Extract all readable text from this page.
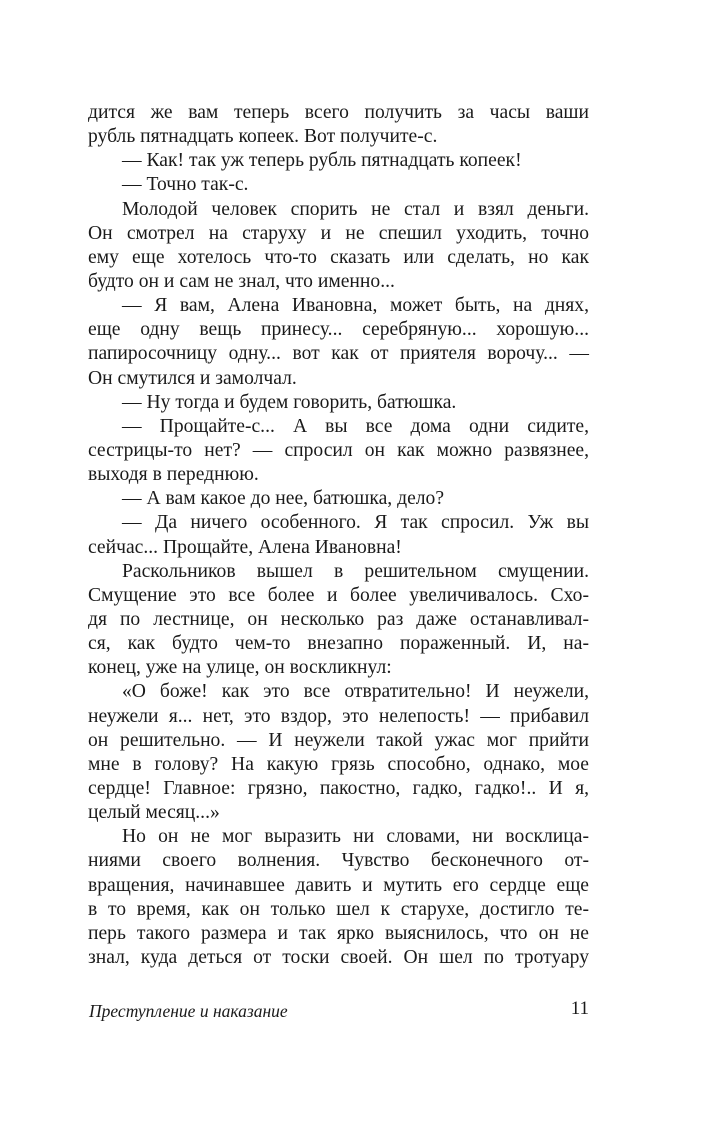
дится же вам теперь всего получить за часы ваши
рубль пятнадцать копеек. Вот получите-с.
— Как! так уж теперь рубль пятнадцать копеек!
— Точно так-с.
Молодой человек спорить не стал и взял деньги.
Он смотрел на старуху и не спешил уходить, точно
ему еще хотелось что-то сказать или сделать, но как
будто он и сам не знал, что именно...
— Я вам, Алена Ивановна, может быть, на днях,
еще одну вещь принесу... серебряную... хорошую...
папиросочницу одну... вот как от приятеля ворочу... —
Он смутился и замолчал.
— Ну тогда и будем говорить, батюшка.
— Прощайте-с... А вы все дома одни сидите,
сестрицы-то нет? — спросил он как можно развязнее,
выходя в переднюю.
— А вам какое до нее, батюшка, дело?
— Да ничего особенного. Я так спросил. Уж вы
сейчас... Прощайте, Алена Ивановна!
Раскольников вышел в решительном смущении.
Смущение это все более и более увеличивалось. Схо-
дя по лестнице, он несколько раз даже останавливал-
ся, как будто чем-то внезапно пораженный. И, на-
конец, уже на улице, он воскликнул:
«О боже! как это все отвратительно! И неужели,
неужели я... нет, это вздор, это нелепость! — прибавил
он решительно. — И неужели такой ужас мог прийти
мне в голову? На какую грязь способно, однако, мое
сердце! Главное: грязно, пакостно, гадко, гадко!.. И я,
целый месяц...»
Но он не мог выразить ни словами, ни восклица-
ниями своего волнения. Чувство бесконечного от-
вращения, начинавшее давить и мутить его сердце еще
в то время, как он только шел к старухе, достигло те-
перь такого размера и так ярко выяснилось, что он не
знал, куда деться от тоски своей. Он шел по тротуару
Преступление и наказание	11
